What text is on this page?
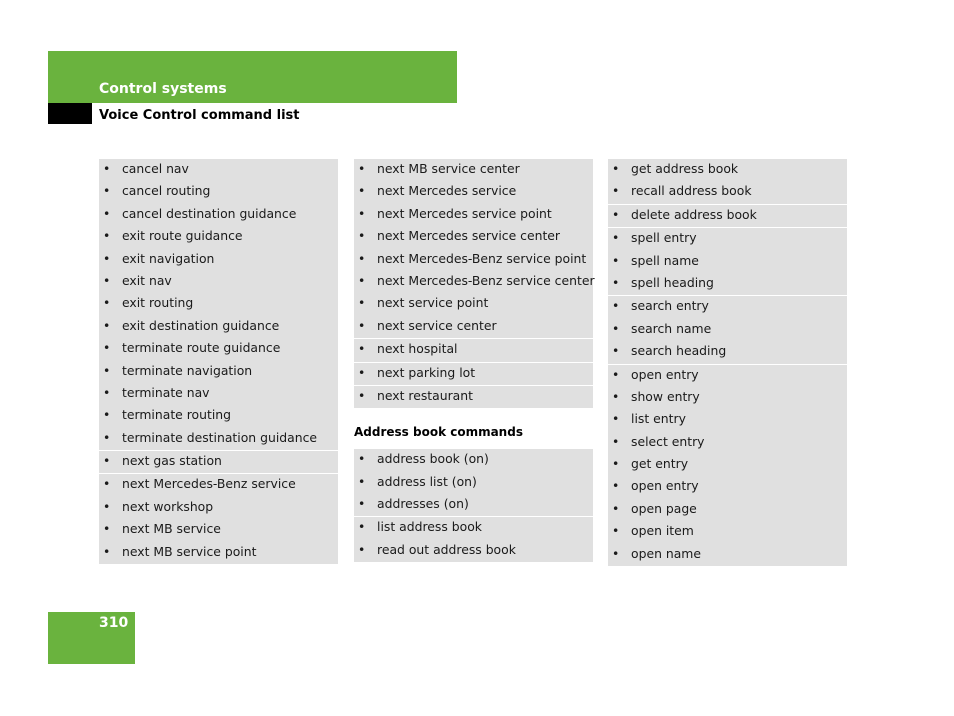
Control systems
Voice Control command list
• cancel nav
• cancel routing
• cancel destination guidance
• exit route guidance
• exit navigation
• exit nav
• exit routing
• exit destination guidance
• terminate route guidance
• terminate navigation
• terminate nav
• terminate routing
• terminate destination guidance
• next gas station
• next Mercedes-Benz service
• next workshop
• next MB service
• next MB service point
• next MB service center
• next Mercedes service
• next Mercedes service point
• next Mercedes service center
• next Mercedes-Benz service point
• next Mercedes-Benz service center
• next service point
• next service center
• next hospital
• next parking lot
• next restaurant
Address book commands
• address book (on)
• address list (on)
• addresses (on)
• list address book
• read out address book
• get address book
• recall address book
• delete address book
• spell entry
• spell name
• spell heading
• search entry
• search name
• search heading
• open entry
• show entry
• list entry
• select entry
• get entry
• open entry
• open page
• open item
• open name
310
